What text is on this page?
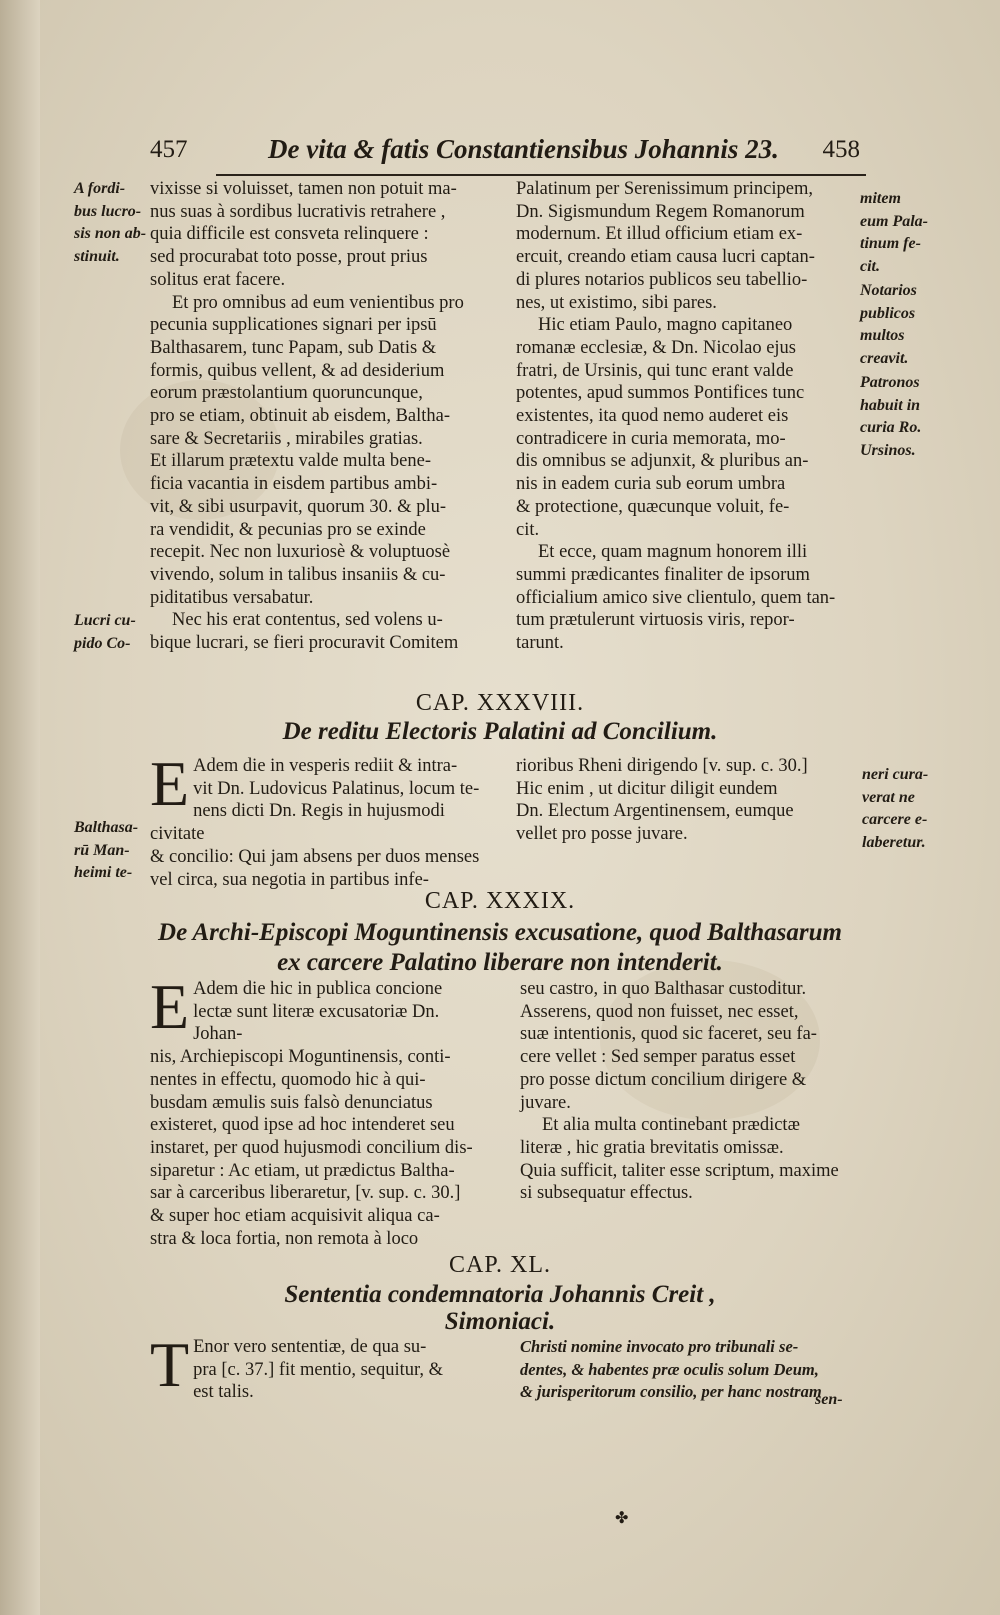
457	De vita & fatis Constantiensibus Johannis 23. 458

vixisse si voluisset, tamen non potuit ma-
nus suas à sordibus lucrativis retrahere ,
quia difficile est consveta relinquere :
sed procurabat toto posse, prout prius
solitus erat facere.

Et pro omnibus ad eum venientibus pro
pecunia supplicationes signari per ipsū
Balthasarem, tunc Papam, sub Datis &
formis, quibus vellent, & ad desiderium
eorum præstolantium quoruncunque,
pro se etiam, obtinuit ab eisdem, Baltha-
sare & Secretariis , mirabiles gratias.
Et illarum prætextu valde multa bene-
ficia vacantia in eisdem partibus ambi-
vit, & sibi usurpavit, quorum 30. & plu-
ra vendidit, & pecunias pro se exinde
recepit. Nec non luxuriosè & voluptuosè
vivendo, solum in talibus insaniis & cu-
piditatibus versabatur.

Nec his erat contentus, sed volens u-
bique lucrari, se fieri procuravit Comitem

Palatinum per Serenissimum principem,
Dn. Sigismundum Regem Romanorum
modernum. Et illud officium etiam ex-
ercuit, creando etiam causa lucri captan-
di plures notarios publicos seu tabellio-
nes, ut existimo, sibi pares.

Hic etiam Paulo, magno capitaneo
romanæ ecclesiæ, & Dn. Nicolao ejus
fratri, de Ursinis, qui tunc erant valde
potentes, apud summos Pontifices tunc
existentes, ita quod nemo auderet eis
contradicere in curia memorata, mo-
dis omnibus se adjunxit, & pluribus an-
nis in eadem curia sub eorum umbra
& protectione, quæcunque voluit, fe-
cit.

Et ecce, quam magnum honorem illi
summi prædicantes finaliter de ipsorum
officialium amico sive clientulo, quem tan-
tum prætulerunt virtuosis viris, repor-
tarunt.

A fordi-
bus lucro-
sis non ab-
stinuit.
Lucri cu-
pido Co-
mitem
eum Pala-
tinum fe-
cit.
Notarios
publicos
multos
creavit.
Patronos
habuit in
curia Ro.
Ursinos.
CAP. XXXVIII.
De reditu Electoris Palatini ad Concilium.
E Adem die in vesperis rediit & intra-
vit Dn. Ludovicus Palatinus, locum te-
nens dicti Dn. Regis in hujusmodi civitate
& concilio: Qui jam absens per duos menses
vel circa, sua negotia in partibus infe-
rioribus Rheni dirigendo [v. sup. c. 30.]
Hic enim , ut dicitur diligit eundem
Dn. Electum Argentinensem, eumque
vellet pro posse juvare.
Balthasa-
rū Man-
heimi te-
neri cura-
verat ne
carcere e-
laberetur.
CAP. XXXIX.
De Archi-Episcopi Moguntinensis excusatione, quod Balthasarum
ex carcere Palatino liberare non intenderit.
E Adem die hic in publica concione
lectæ sunt literæ excusatoriæ Dn. Johan-
nis, Archiepiscopi Moguntinensis, conti-
nentes in effectu, quomodo hic à qui-
busdam æmulis suis falsò denunciatus
existeret, quod ipse ad hoc intenderet seu
instaret, per quod hujusmodi concilium dis-
siparetur : Ac etiam, ut prædictus Baltha-
sar à carceribus liberaretur, [v. sup. c. 30.]
& super hoc etiam acquisivit aliqua ca-
stra & loca fortia, non remota à loco
seu castro, in quo Balthasar custoditur.
Asserens, quod non fuisset, nec esset,
suæ intentionis, quod sic faceret, seu fa-
cere vellet : Sed semper paratus esset
pro posse dictum concilium dirigere &
juvare.
Et alia multa continebant prædictæ
literæ , hic gratia brevitatis omissæ.
Quia sufficit, taliter esse scriptum, maxime
si subsequatur effectus.
CAP. XL.
Sententia condemnatoria Johannis Creit ,
Simoniaci.
T Enor vero sententiæ, de qua su-
pra [c. 37.] fit mentio, sequitur, &
est talis.
Christi nomine invocato pro tribunali se-
dentes, & habentes præ oculis solum Deum,
& jurisperitorum consilio, per hanc nostram
sen-
✤
